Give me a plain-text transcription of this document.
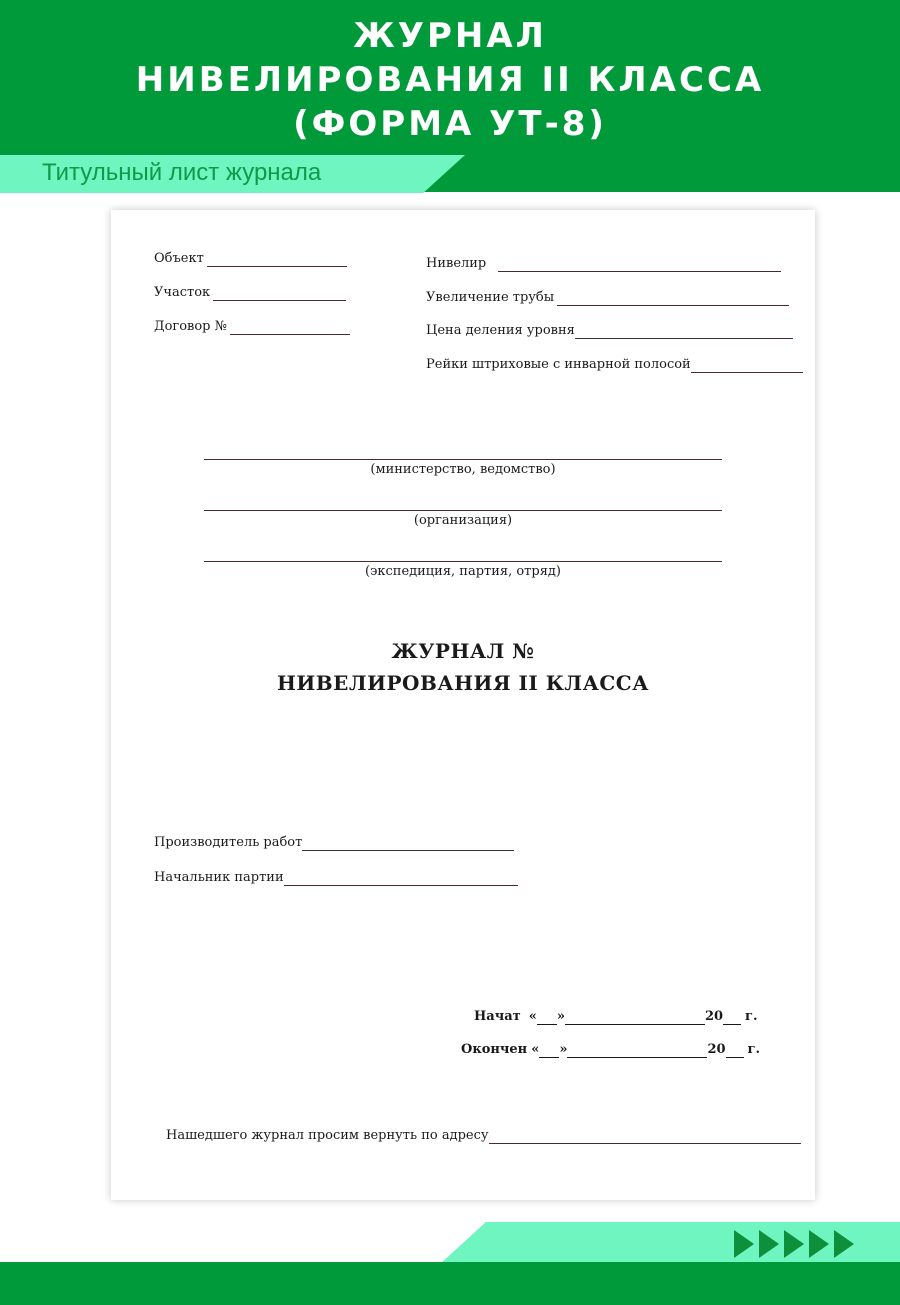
ЖУРНАЛ
НИВЕЛИРОВАНИЯ II КЛАССА
(ФОРМА УТ-8)
Титульный лист журнала
Объект
Участок
Договор №
Нивелир
Увеличение трубы
Цена деления уровня
Рейки штриховые с инварной полосой
(министерство, ведомство)
(организация)
(экспедиция, партия, отряд)
ЖУРНАЛ №
НИВЕЛИРОВАНИЯ II КЛАССА
Производитель работ
Начальник партии
Начат « »	20 г.
Окончен « »	20 г.
Нашедшего журнал просим вернуть по адресу
